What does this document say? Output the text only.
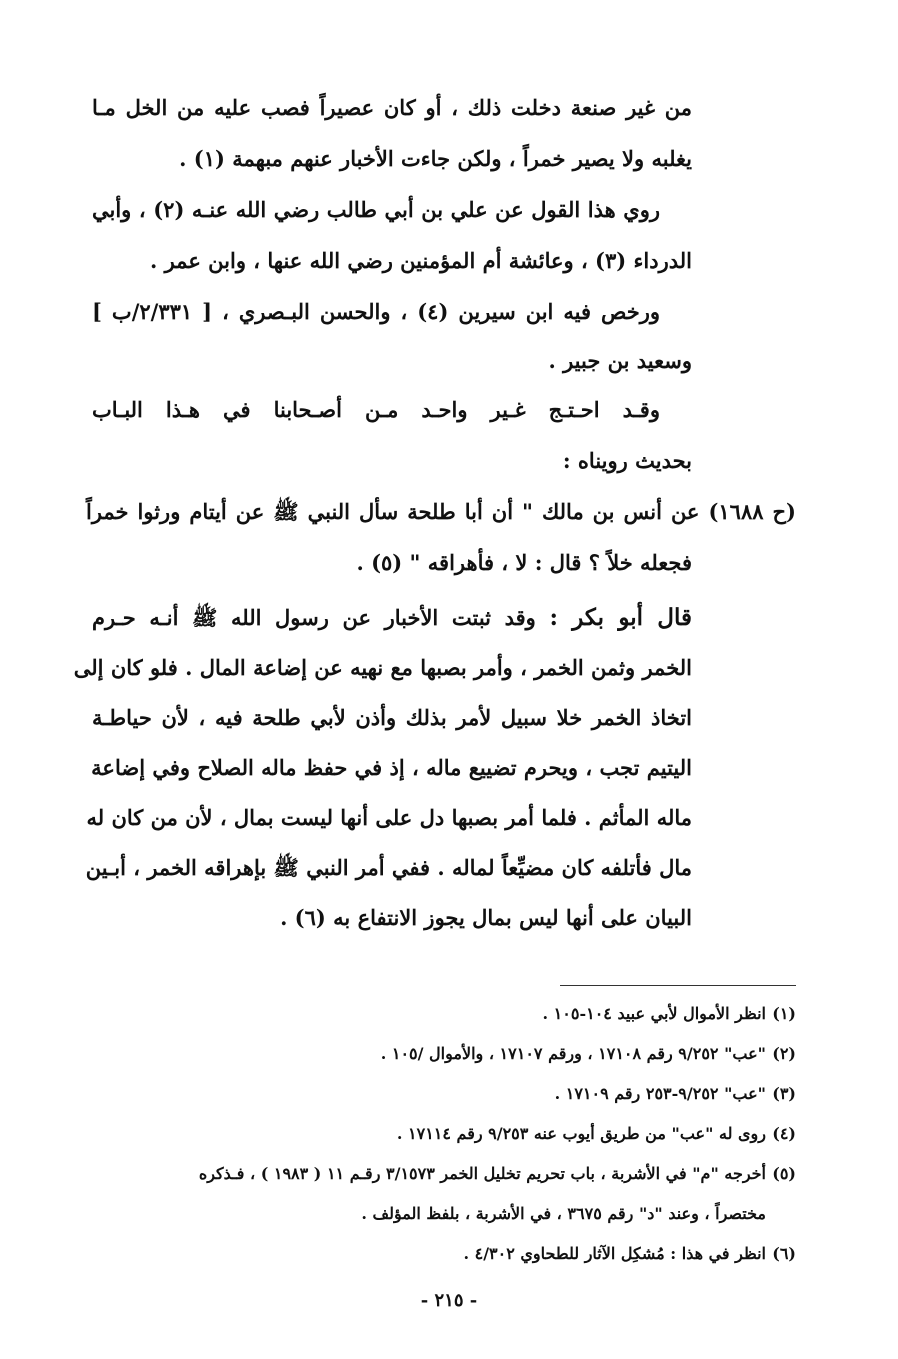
من غير صنعة دخلت ذلك ، أو كان عصيراً فصب عليه من الخل مـا
يغلبه ولا يصير خمراً ، ولكن جاءت الأخبار عنهم مبهمة (١) .
روي هذا القول عن علي بن أبي طالب رضي الله عنـه (٢) ، وأبي
الدرداء (٣) ، وعائشة أم المؤمنين رضي الله عنها ، وابن عمر .
ورخص فيه ابن سيرين (٤) ، والحسن البـصري ، [ ٢/٣٣١/ب ]
وسعيد بن جبير .
وقـد احـتـج غـير واحـد مـن أصـحابنا في هـذا البـاب
بحديث رويناه :
(ح ١٦٨٨) عن أنس بن مالك " أن أبا طلحة سأل النبي ﷺ عن أيتام ورثوا خمراً
فجعله خلاً ؟ قال : لا ، فأهراقه " (٥) .
قال أبو بكر : وقد ثبتت الأخبار عن رسول الله ﷺ أنـه حـرم
الخمر وثمن الخمر ، وأمر بصبها مع نهيه عن إضاعة المال . فلو كان إلى
اتخاذ الخمر خلا سبيل لأمر بذلك وأذن لأبي طلحة فيه ، لأن حياطـة
اليتيم تجب ، ويحرم تضييع ماله ، إذ في حفظ ماله الصلاح وفي إضاعة
ماله المأثم . فلما أمر بصبها دل على أنها ليست بمال ، لأن من كان له
مال فأتلفه كان مضيِّعاً لماله . ففي أمر النبي ﷺ بإهراقه الخمر ، أبـين
البيان على أنها ليس بمال يجوز الانتفاع به (٦) .
(١)انظر الأموال لأبي عبيد ١٠٤-١٠٥ .
(٢)"عب" ٩/٢٥٢ رقم ١٧١٠٨ ، ورقم ١٧١٠٧ ، والأموال /١٠٥ .
(٣)"عب" ٩/٢٥٢-٢٥٣ رقم ١٧١٠٩ .
(٤)روى له "عب" من طريق أيوب عنه ٩/٢٥٣ رقم ١٧١١٤ .
(٥)أخرجه "م" في الأشربة ، باب تحريم تخليل الخمر ٣/١٥٧٣ رقـم ١١ ( ١٩٨٣ ) ، فـذكره
مختصراً ، وعند "د" رقم ٣٦٧٥ ، في الأشربة ، بلفظ المؤلف .
(٦)انظر في هذا : مُشكِل الآثار للطحاوي ٤/٣٠٢ .
- ٢١٥ -
